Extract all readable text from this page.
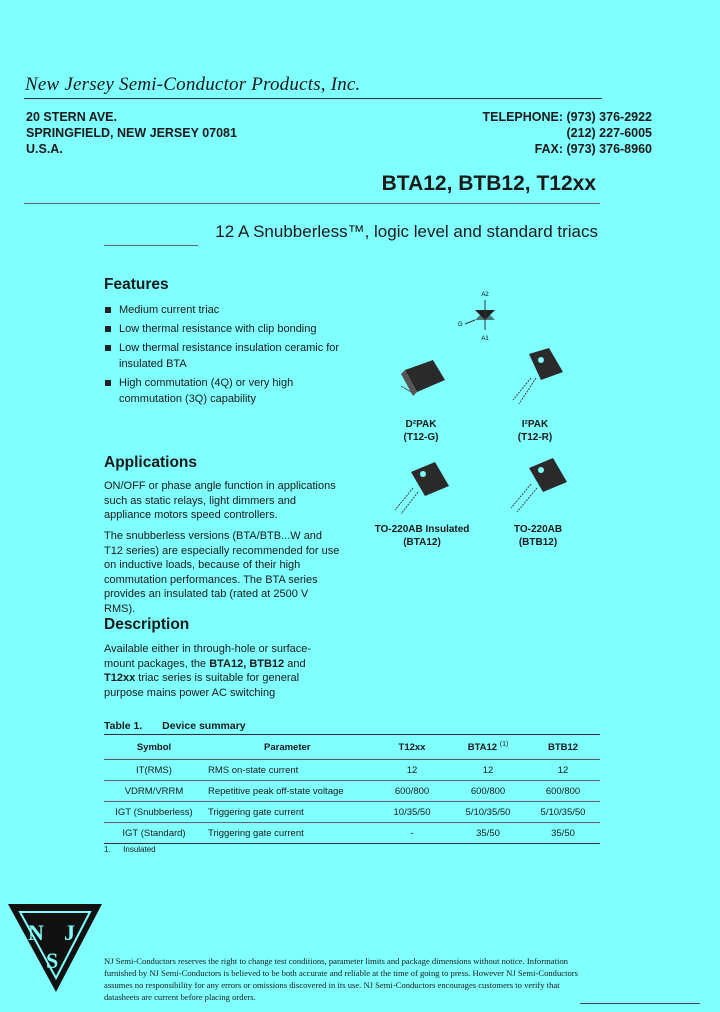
New Jersey Semi-Conductor Products, Inc.
20 STERN AVE.
SPRINGFIELD, NEW JERSEY 07081
U.S.A.
TELEPHONE: (973) 376-2922
(212) 227-6005
FAX: (973) 376-8960
BTA12, BTB12, T12xx
12 A Snubberless™, logic level and standard triacs
Features
Medium current triac
Low thermal resistance with clip bonding
Low thermal resistance insulation ceramic for insulated BTA
High commutation (4Q) or very high commutation (3Q) capability
Applications
ON/OFF or phase angle function in applications such as static relays, light dimmers and appliance motors speed controllers.
The snubberless versions (BTA/BTB...W and T12 series) are especially recommended for use on inductive loads, because of their high commutation performances. The BTA series provides an insulated tab (rated at 2500 V RMS).
Description
Available either in through-hole or surface-mount packages, the BTA12, BTB12 and T12xx triac series is suitable for general purpose mains power AC switching
A2
G
A1
D²PAK
(T12-G)
I²PAK
(T12-R)
TO-220AB Insulated
(BTA12)
TO-220AB
(BTB12)
Table 1. Device summary
Symbol	Parameter	T12xx	BTA12 $^{(1)}$	BTB12
IT(RMS)	RMS on-state current	12	12	12
VDRM/VRRM	Repetitive peak off-state voltage	600/800	600/800	600/800
IGT (Snubberless)	Triggering gate current	10/35/50	5/10/35/50	5/10/35/50
IGT (Standard)	Triggering gate current	-	35/50	35/50
1. Insulated
N J
S	NJ Semi-Conductors reserves the right to change test conditions, parameter limits and package dimensions without notice. Information furnished by NJ Semi-Conductors is believed to be both accurate and reliable at the time of going to press. However NJ Semi-Conductors assumes no responsibility for any errors or omissions discovered in its use. NJ Semi-Conductors encourages customers to verify that datasheets are current before placing orders.
